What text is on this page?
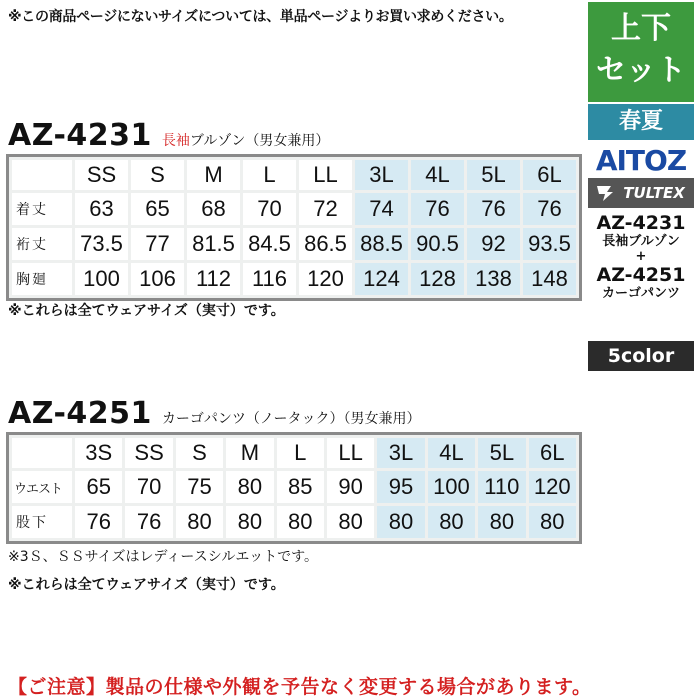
※この商品ページにないサイズについては、単品ページよりお買い求めください。	上下
セット
春夏
AITOZ
TULTEX
AZ-4231
長袖ブルゾン
+
AZ-4251
カーゴパンツ
5color
AZ-4231 長袖ブルゾン（男女兼用）
	SS	S	M	L	LL	3L	4L	5L	6L
着丈	63	65	68	70	72	74	76	76	76
裄丈	73.5	77	81.5	84.5	86.5	88.5	90.5	92	93.5
胸廻	100	106	112	116	120	124	128	138	148
※これらは全てウェアサイズ（実寸）です。
AZ-4251 カーゴパンツ（ノータック）（男女兼用）
	3S	SS	S	M	L	LL	3L	4L	5L	6L
ウエスト	65	70	75	80	85	90	95	100	110	120
股下	76	76	80	80	80	80	80	80	80	80
※3Ｓ、ＳＳサイズはレディースシルエットです。
※これらは全てウェアサイズ（実寸）です。
【ご注意】製品の仕様や外観を予告なく変更する場合があります。
